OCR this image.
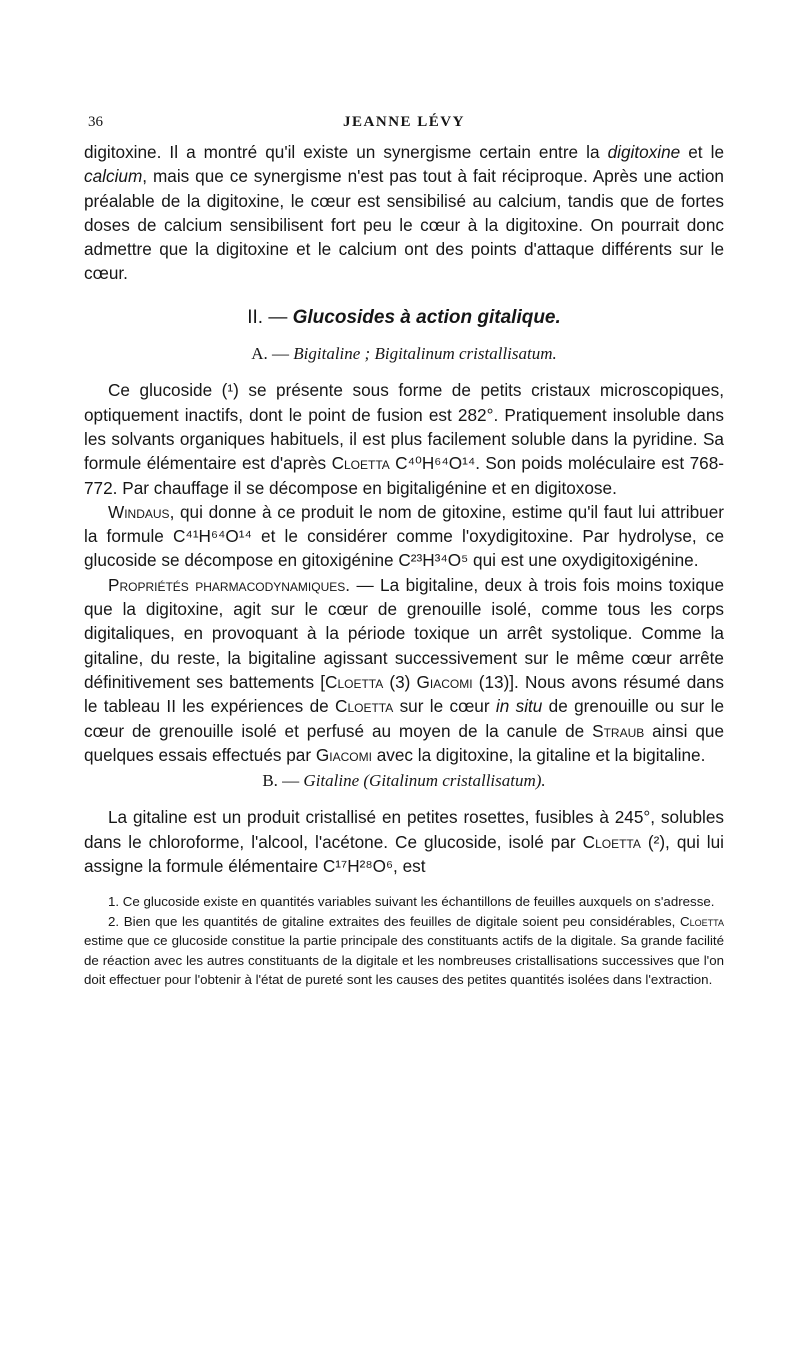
36	JEANNE LÉVY

digitoxine. Il a montré qu'il existe un synergisme certain entre la digitoxine et le calcium, mais que ce synergisme n'est pas tout à fait réciproque. Après une action préalable de la digitoxine, le cœur est sensibilisé au calcium, tandis que de fortes doses de calcium sensibilisent fort peu le cœur à la digitoxine. On pourrait donc admettre que la digitoxine et le calcium ont des points d'attaque différents sur le cœur.

II. — Glucosides à action gitalique.
A. — Bigitaline ; Bigitalinum cristallisatum.

Ce glucoside (¹) se présente sous forme de petits cristaux microscopiques, optiquement inactifs, dont le point de fusion est 282°. Pratiquement insoluble dans les solvants organiques habituels, il est plus facilement soluble dans la pyridine. Sa formule élémentaire est d'après Cloetta C⁴⁰H⁶⁴O¹⁴. Son poids moléculaire est 768-772. Par chauffage il se décompose en bigitaligénine et en digitoxose.

Windaus, qui donne à ce produit le nom de gitoxine, estime qu'il faut lui attribuer la formule C⁴¹H⁶⁴O¹⁴ et le considérer comme l'oxydigitoxine. Par hydrolyse, ce glucoside se décompose en gitoxigénine C²³H³⁴O⁵ qui est une oxydigitoxigénine.

Propriétés pharmacodynamiques. — La bigitaline, deux à trois fois moins toxique que la digitoxine, agit sur le cœur de grenouille isolé, comme tous les corps digitaliques, en provoquant à la période toxique un arrêt systolique. Comme la gitaline, du reste, la bigitaline agissant successivement sur le même cœur arrête définitivement ses battements [Cloetta (3) Giacomi (13)]. Nous avons résumé dans le tableau II les expériences de Cloetta sur le cœur in situ de grenouille ou sur le cœur de grenouille isolé et perfusé au moyen de la canule de Straub ainsi que quelques essais effectués par Giacomi avec la digitoxine, la gitaline et la bigitaline.

B. — Gitaline (Gitalinum cristallisatum).

La gitaline est un produit cristallisé en petites rosettes, fusibles à 245°, solubles dans le chloroforme, l'alcool, l'acétone. Ce glucoside, isolé par Cloetta (²), qui lui assigne la formule élémentaire C¹⁷H²⁸O⁶, est

1. Ce glucoside existe en quantités variables suivant les échantillons de feuilles auxquels on s'adresse.

2. Bien que les quantités de gitaline extraites des feuilles de digitale soient peu considérables, Cloetta estime que ce glucoside constitue la partie principale des constituants actifs de la digitale. Sa grande facilité de réaction avec les autres constituants de la digitale et les nombreuses cristallisations successives que l'on doit effectuer pour l'obtenir à l'état de pureté sont les causes des petites quantités isolées dans l'extraction.
